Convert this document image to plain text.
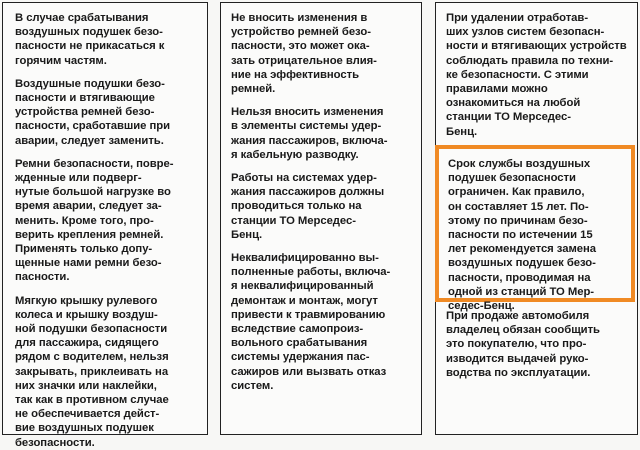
В случае срабатывания
воздушных подушек безо-
пасности не прикасаться к
горячим частям.

Воздушные подушки безо-
пасности и втягивающие
устройства ремней безо-
пасности, сработавшие при
аварии, следует заменить.

Ремни безопасности, повре-
жденные или подверг-
нутые большой нагрузке во
время аварии, следует за-
менить. Кроме того, про-
верить крепления ремней.
Применять только допу-
щенные нами ремни безо-
пасности.

Мягкую крышку рулевого
колеса и крышку воздуш-
ной подушки безопасности
для пассажира, сидящего
рядом с водителем, нельзя
закрывать, приклеивать на
них значки или наклейки,
так как в противном случае
не обеспечивается дейст-
вие воздушных подушек
безопасности.

Не вносить изменения в
устройство ремней безо-
пасности, это может ока-
зать отрицательное влия-
ние на эффективность
ремней.

Нельзя вносить изменения
в элементы системы удер-
жания пассажиров, включа-
я кабельную разводку.

Работы на системах удер-
жания пассажиров должны
проводиться только на
станции ТО Мерседес-
Бенц.

Неквалифицированно вы-
полненные работы, включа-
я неквалифицированный
демонтаж и монтаж, могут
привести к травмированию
вследствие самопроиз-
вольного срабатывания
системы удержания пас-
сажиров или вызвать отказ
систем.

При удалении отработав-
ших узлов систем безопасн-
ности и втягивающих устройств
соблюдать правила по техни-
ке безопасности. С этими
правилами можно
ознакомиться на любой
станции ТО Мерседес-
Бенц.

При продаже автомобиля
владелец обязан сообщить
это покупателю, что про-
изводится выдачей руко-
водства по эксплуатации.

Срок службы воздушных
подушек безопасности
ограничен. Как правило,
он составляет 15 лет. По-
этому по причинам безо-
пасности по истечении 15
лет рекомендуется замена
воздушных подушек безо-
пасности, проводимая на
одной из станций ТО Мер-
седес-Бенц.
